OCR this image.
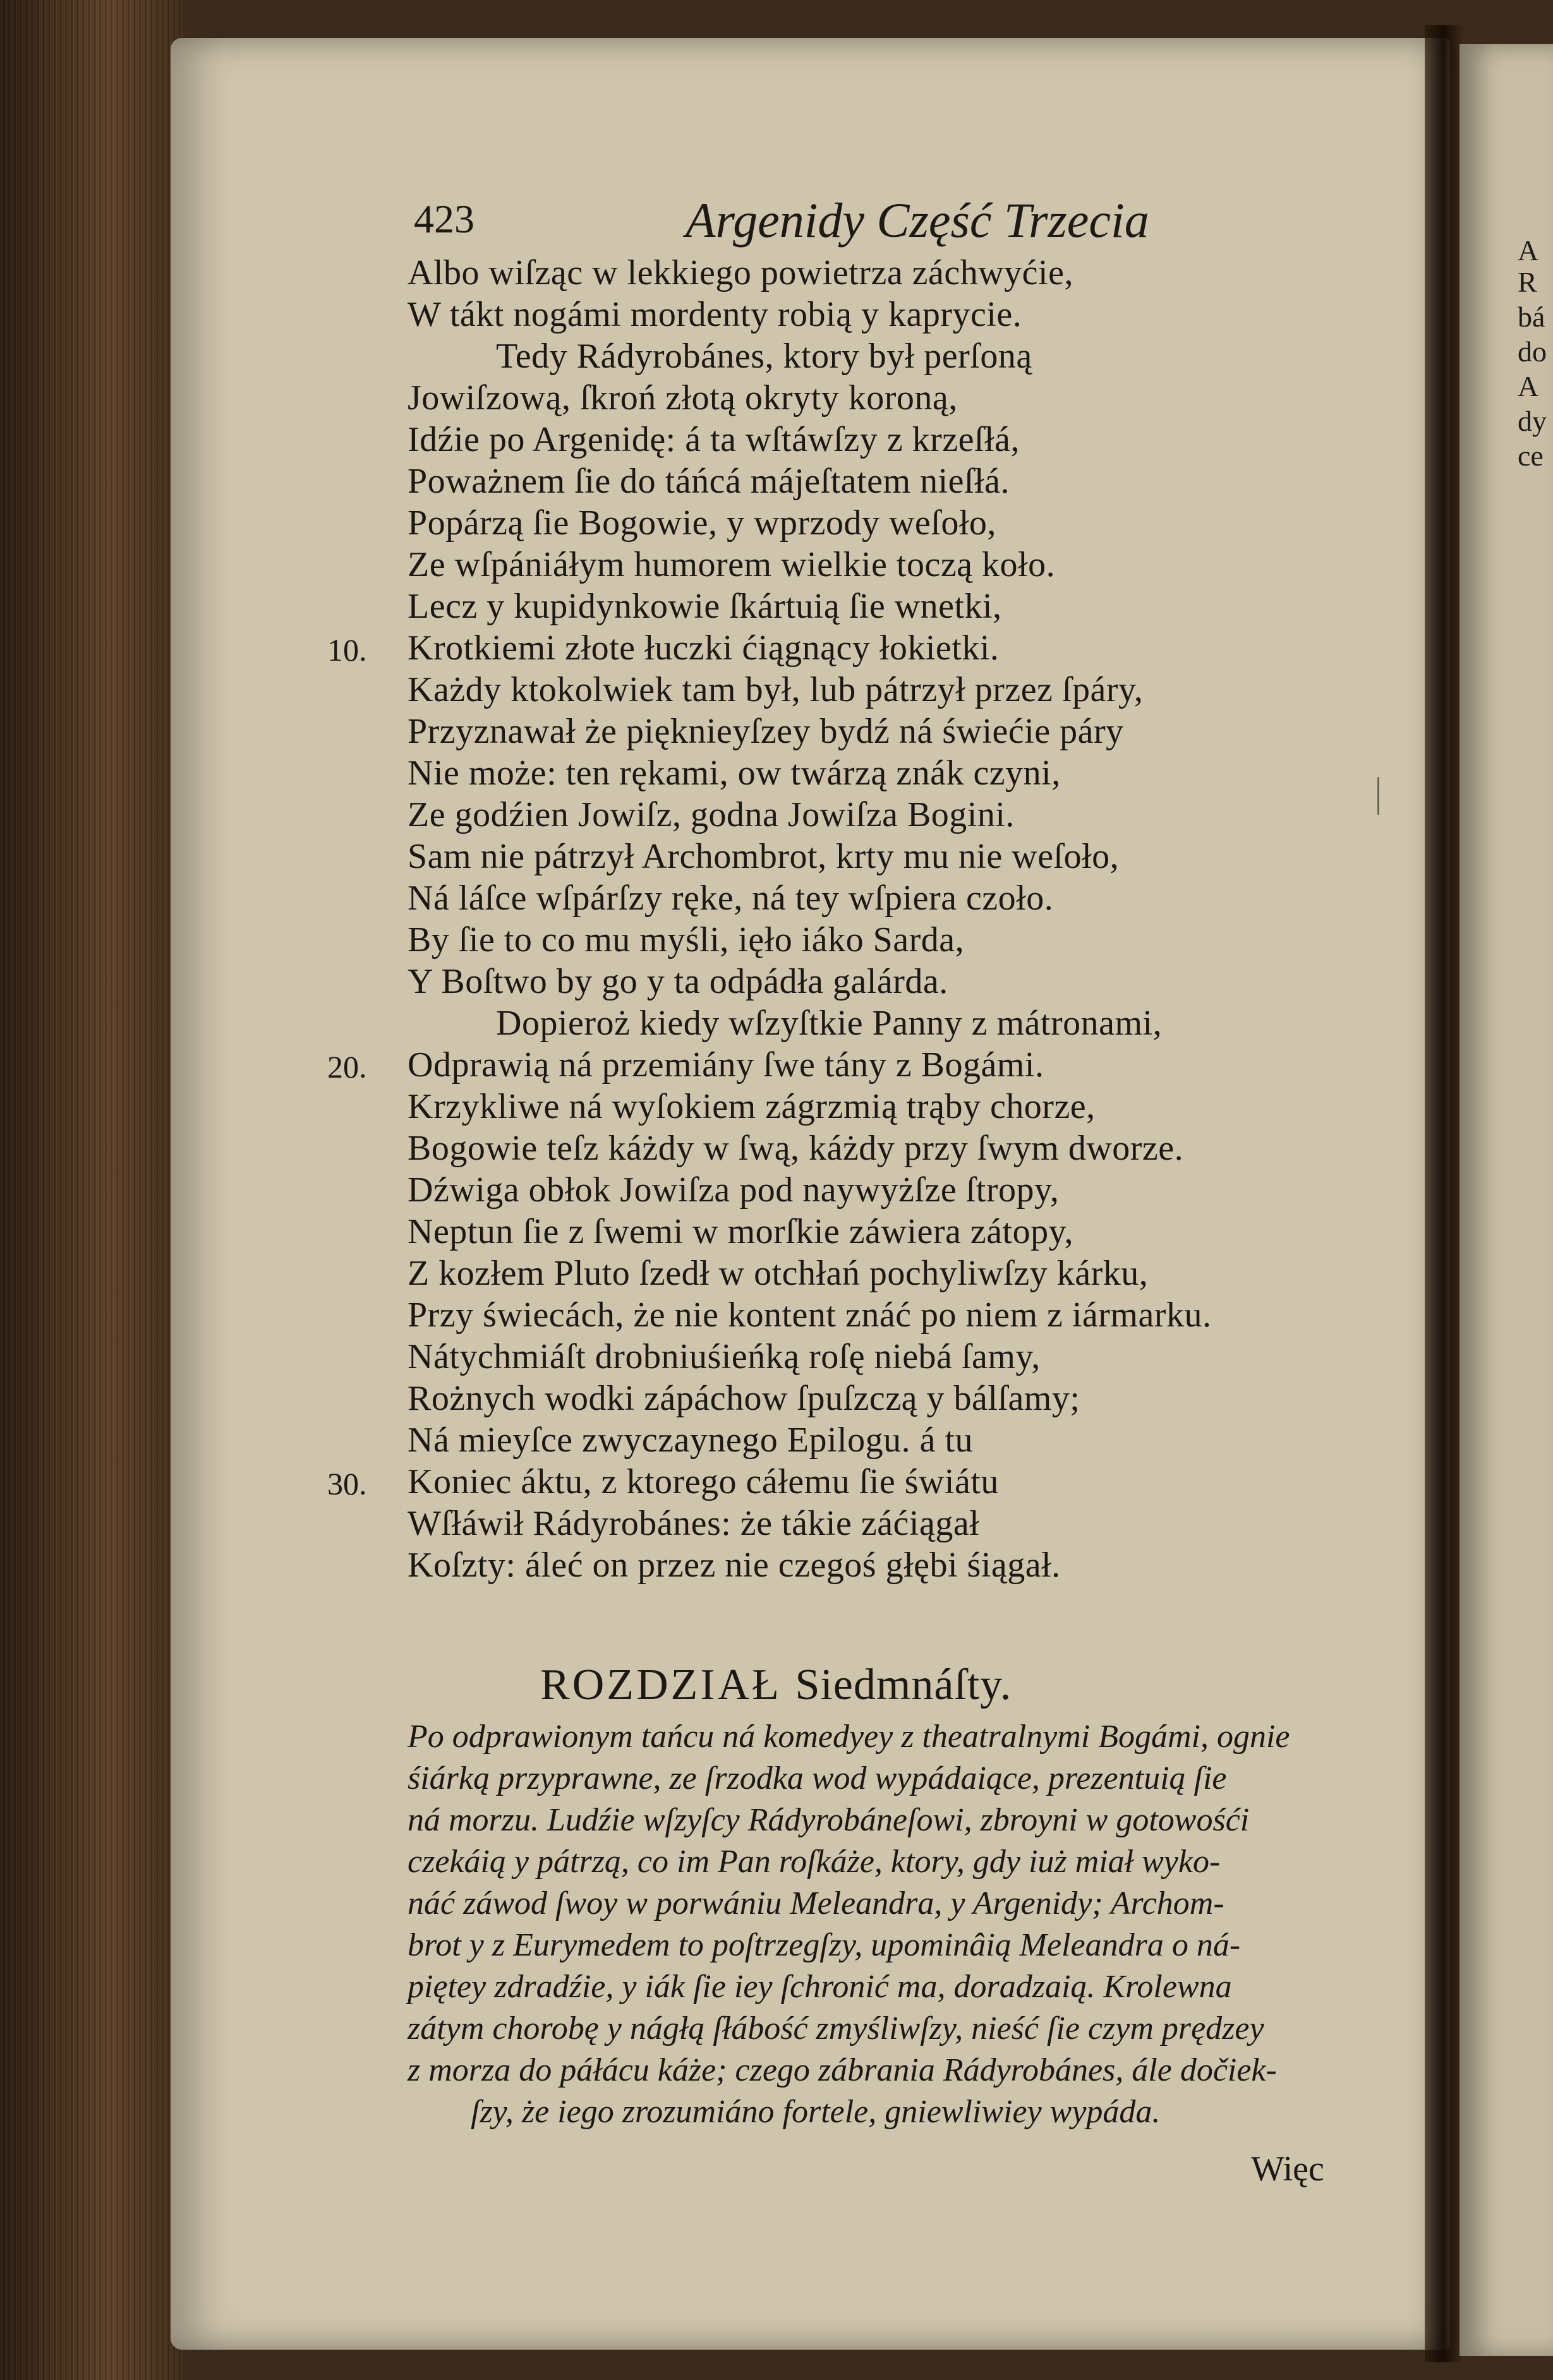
A
R
bá
do
A
dy
ce
423	Argenidy Część Trzecia
Albo wiſząc w lekkiego powietrza záchwyćie,
W tákt nogámi mordenty robią y kaprycie.
Tedy Rádyrobánes, ktory był perſoną
Jowiſzową, ſkroń złotą okryty koroną,
Idźie po Argenidę: á ta wſtáwſzy z krzeſłá,
Poważnem ſie do táńcá májeſtatem nieſłá.
Popárzą ſie Bogowie, y wprzody weſoło,
Ze wſpániáłym humorem wielkie toczą koło.
Lecz y kupidynkowie ſkártuią ſie wnetki,
Krotkiemi złote łuczki ćiągnący łokietki.
Każdy ktokolwiek tam był, lub pátrzył przez ſpáry,
Przyznawał że pięknieyſzey bydź ná świećie páry
Nie może: ten rękami, ow twárzą znák czyni,
Ze godźien Jowiſz, godna Jowiſza Bogini.
Sam nie pátrzył Archombrot, krty mu nie weſoło,
Ná láſce wſpárſzy ręke, ná tey wſpiera czoło.
By ſie to co mu myśli, ięło iáko Sarda,
Y Boſtwo by go y ta odpádła galárda.
Dopieroż kiedy wſzyſtkie Panny z mátronami,
Odprawią ná przemiány ſwe tány z Bogámi.
Krzykliwe ná wyſokiem zágrzmią trąby chorze,
Bogowie teſz káżdy w ſwą, káżdy przy ſwym dworze.
Dźwiga obłok Jowiſza pod naywyżſze ſtropy,
Neptun ſie z ſwemi w morſkie záwiera zátopy,
Z kozłem Pluto ſzedł w otchłań pochyliwſzy kárku,
Przy świecách, że nie kontent znáć po niem z iármarku.
Nátychmiáſt drobniuśieńką roſę niebá ſamy,
Rożnych wodki zápáchow ſpuſzczą y bálſamy;
Ná mieyſce zwyczaynego Epilogu. á tu
Koniec áktu, z ktorego cáłemu ſie świátu
Wſłáwił Rádyrobánes: że tákie záćiągał
Koſzty: áleć on przez nie czegoś głębi śiągał.
10.
20.
30.
ROZDZIAŁ Siedmnáſty.
Po odprawionym tańcu ná komedyey z theatralnymi Bogámi, ognie
śiárką przyprawne, ze ſrzodka wod wypádaiące, prezentuią ſie
ná morzu. Ludźie wſzyſcy Rádyrobáneſowi, zbroyni w gotowośći
czekáią y pátrzą, co im Pan roſkáże, ktory, gdy iuż miał wyko-
náć záwod ſwoy w porwániu Meleandra, y Argenidy; Archom-
brot y z Eurymedem to poſtrzegſzy, upominâią Meleandra o ná-
piętey zdradźie, y iák ſie iey ſchronić ma, doradzaią. Krolewna
zátym chorobę y nágłą ſłábość zmyśliwſzy, nieść ſie czym prędzey
z morza do páłácu káże; czego zábrania Rádyrobánes, ále dočiek-
ſzy, że iego zrozumiáno fortele, gniewliwiey wypáda.
Więc
